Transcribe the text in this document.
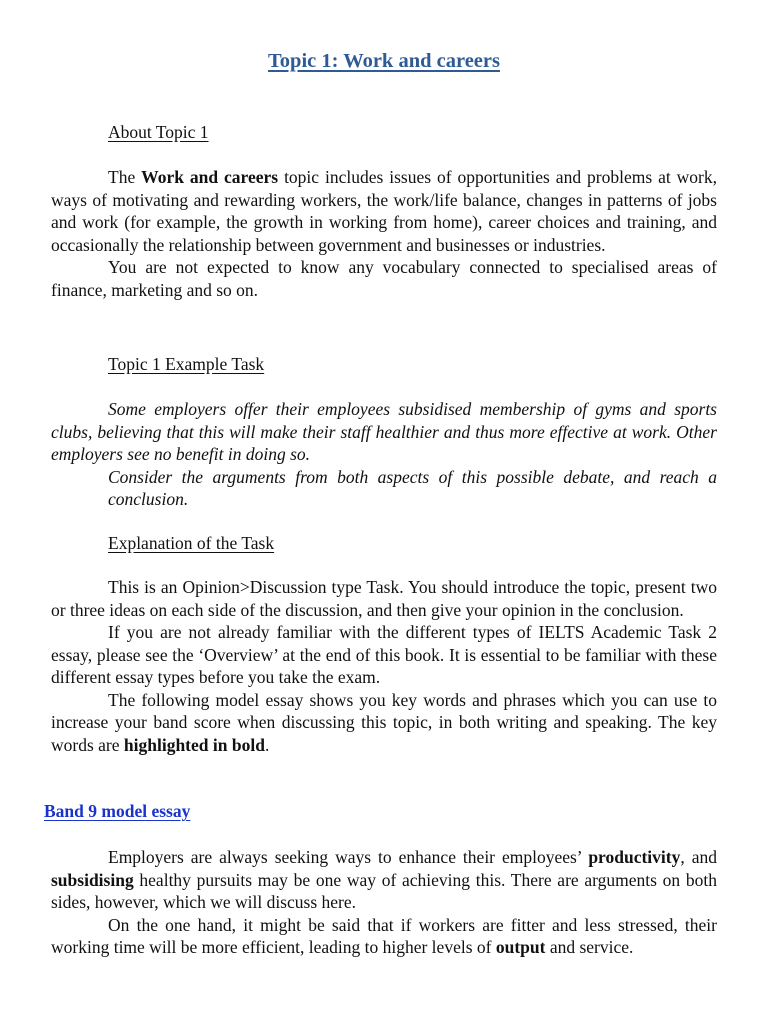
Topic 1: Work and careers
About Topic 1

The Work and careers topic includes issues of opportunities and problems at work, ways of motivating and rewarding workers, the work/life balance, changes in patterns of jobs and work (for example, the growth in working from home), career choices and training, and occasionally the relationship between government and businesses or industries.

You are not expected to know any vocabulary connected to specialised areas of finance, marketing and so on.

Topic 1 Example Task

Some employers offer their employees subsidised membership of gyms and sports clubs, believing that this will make their staff healthier and thus more effective at work. Other employers see no benefit in doing so.

Consider the arguments from both aspects of this possible debate, and reach a conclusion.

Explanation of the Task

This is an Opinion>Discussion type Task. You should introduce the topic, present two or three ideas on each side of the discussion, and then give your opinion in the conclusion.

If you are not already familiar with the different types of IELTS Academic Task 2 essay, please see the ‘Overview’ at the end of this book. It is essential to be familiar with these different essay types before you take the exam.

The following model essay shows you key words and phrases which you can use to increase your band score when discussing this topic, in both writing and speaking. The key words are highlighted in bold.

Band 9 model essay

Employers are always seeking ways to enhance their employees’ productivity, and subsidising healthy pursuits may be one way of achieving this. There are arguments on both sides, however, which we will discuss here.

On the one hand, it might be said that if workers are fitter and less stressed, their working time will be more efficient, leading to higher levels of output and service.
